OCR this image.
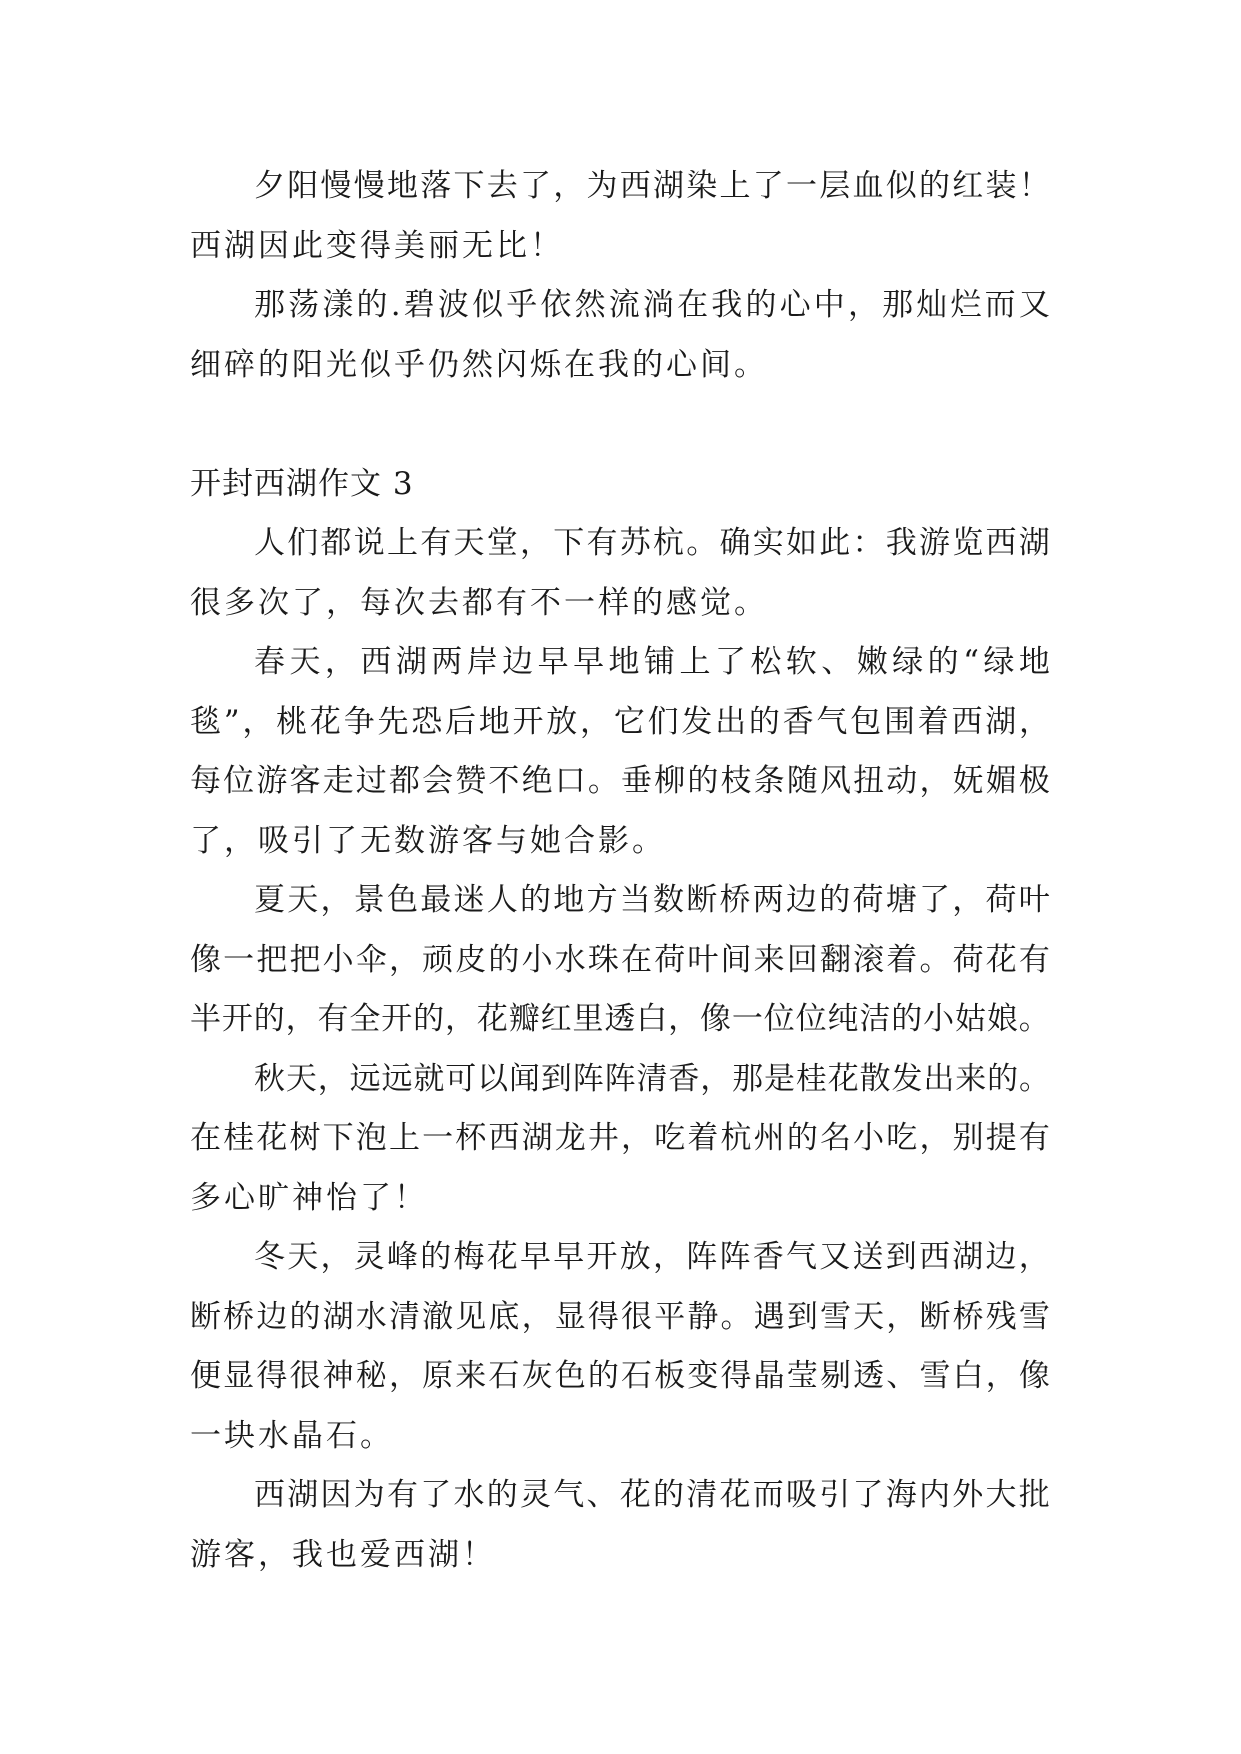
夕 阳 慢 慢 地 落 下 去 了 ， 为 西 湖 染 上 了 一 层 血 似 的 红 装 ！
西湖因此变得美丽无比！
那 荡 漾 的 . 碧 波 似 乎 依 然 流 淌 在 我 的 心 中 ， 那 灿 烂 而 又
细碎的阳光似乎仍然闪烁在我的心间。
开封西湖作文 3
人 们 都 说 上 有 天 堂 ， 下 有 苏 杭 。 确 实 如 此 ： 我 游 览 西 湖
很多次了，每次去都有不一样的感觉。
春 天 ， 西 湖 两 岸 边 早 早 地 铺 上 了 松 软 、 嫩 绿 的 “ 绿 地
毯 ” ， 桃 花 争 先 恐 后 地 开 放 ， 它 们 发 出 的 香 气 包 围 着 西 湖 ，
每 位 游 客 走 过 都 会 赞 不 绝 口 。 垂 柳 的 枝 条 随 风 扭 动 ， 妩 媚 极
了，吸引了无数游客与她合影。
夏 天 ， 景 色 最 迷 人 的 地 方 当 数 断 桥 两 边 的 荷 塘 了 ， 荷 叶
像 一 把 把 小 伞 ， 顽 皮 的 小 水 珠 在 荷 叶 间 来 回 翻 滚 着 。 荷 花 有
半 开 的 ， 有 全 开 的 ， 花 瓣 红 里 透 白 ， 像 一 位 位 纯 洁 的 小 姑 娘 。
秋 天 ， 远 远 就 可 以 闻 到 阵 阵 清 香 ， 那 是 桂 花 散 发 出 来 的 。
在 桂 花 树 下 泡 上 一 杯 西 湖 龙 井 ， 吃 着 杭 州 的 名 小 吃 ， 别 提 有
多心旷神怡了！
冬 天 ， 灵 峰 的 梅 花 早 早 开 放 ， 阵 阵 香 气 又 送 到 西 湖 边 ，
断 桥 边 的 湖 水 清 澈 见 底 ， 显 得 很 平 静 。 遇 到 雪 天 ， 断 桥 残 雪
便 显 得 很 神 秘 ， 原 来 石 灰 色 的 石 板 变 得 晶 莹 剔 透 、 雪 白 ， 像
一块水晶石。
西 湖 因 为 有 了 水 的 灵 气 、 花 的 清 花 而 吸 引 了 海 内 外 大 批
游客，我也爱西湖！
